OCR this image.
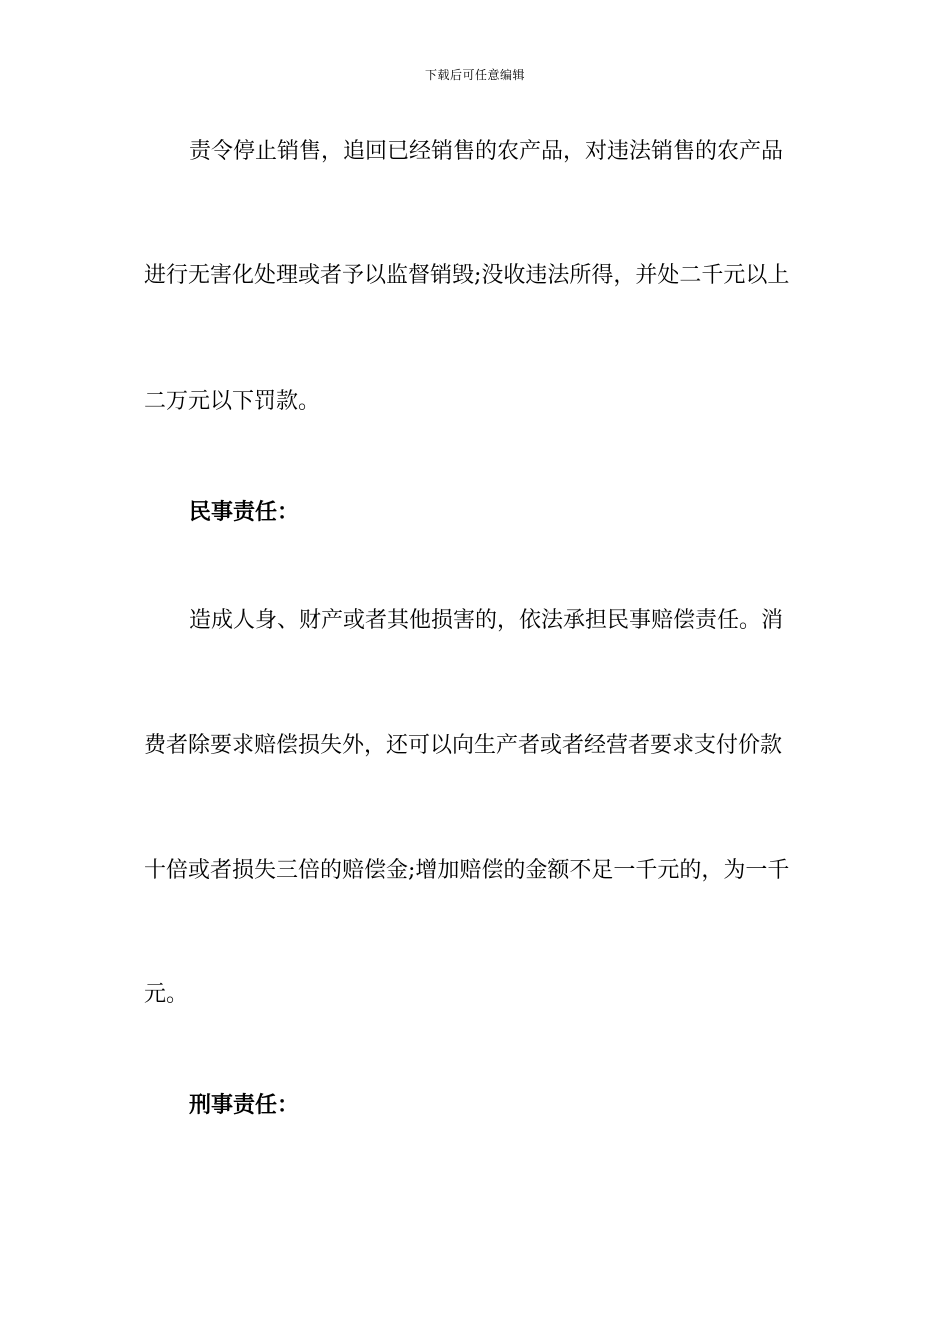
下载后可任意编辑
责令停止销售，追回已经销售的农产品，对违法销售的农产品
进行无害化处理或者予以监督销毁;没收违法所得，并处二千元以上
二万元以下罚款。
民事责任：
造成人身、财产或者其他损害的，依法承担民事赔偿责任。消
费者除要求赔偿损失外，还可以向生产者或者经营者要求支付价款
十倍或者损失三倍的赔偿金;增加赔偿的金额不足一千元的，为一千
元。
刑事责任：
